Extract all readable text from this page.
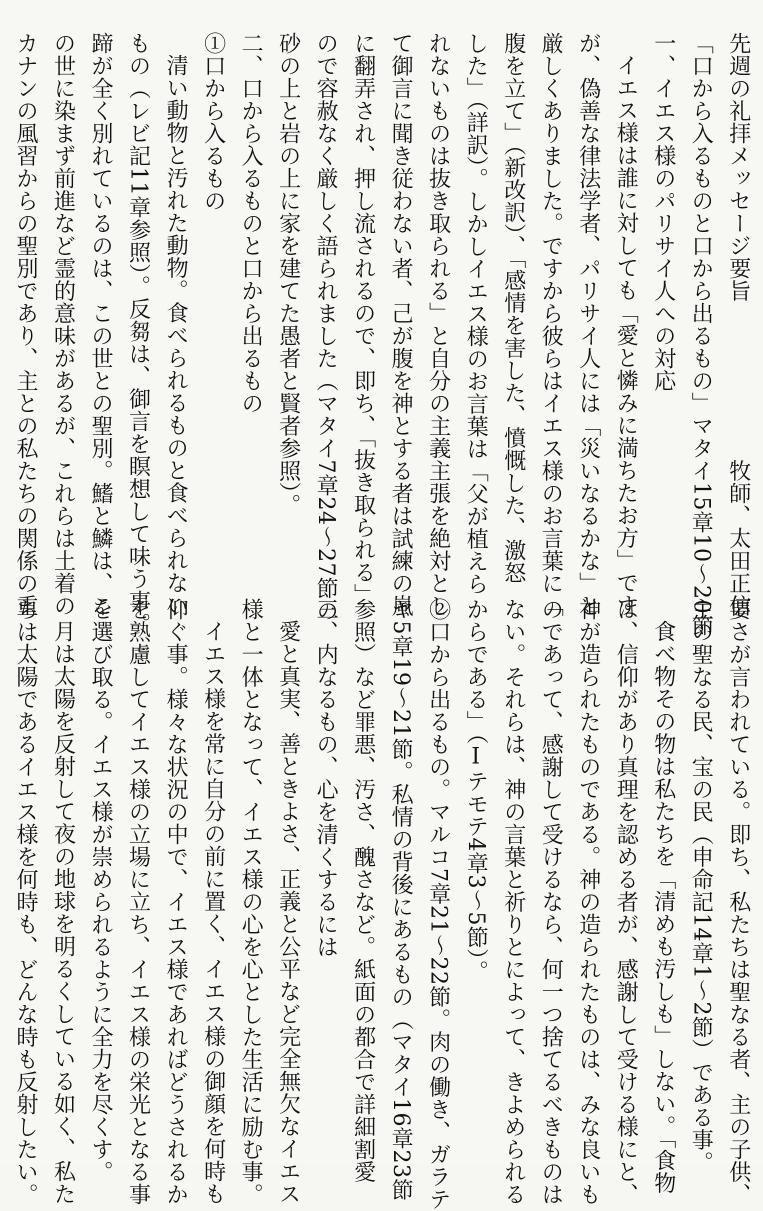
先週の礼拝メッセージ要旨　　　　　　　牧師、太田正信
「口から入るものと口から出るもの」マタイ15章10～20節
一、イエス様のパリサイ人への対応
イエス様は誰に対しても「愛と憐みに満ちたお方」です
が、偽善な律法学者、パリサイ人には「災いなるかな」と
厳しくありました。ですから彼らはイエス様のお言葉に「
腹を立て」（新改訳）、「感情を害した、憤慨した、激怒
した」（詳訳）。しかしイエス様のお言葉は「父が植えら
れないものは抜き取られる」と自分の主義主張を絶対とし
て御言に聞き従わない者、己が腹を神とする者は試練の嵐
に翻弄され、押し流されるので、即ち、「抜き取られる」
ので容赦なく厳しく語られました（マタイ7章24～27節の
砂の上と岩の上に家を建てた愚者と賢者参照）。
二、口から入るものと口から出るもの
①口から入るもの
清い動物と汚れた動物。食べられるものと食べられない
もの（レビ記11章参照）。反芻は、御言を瞑想して味う事。
蹄が全く別れているのは、この世との聖別。鰭と鱗は、こ
の世に染まず前進など霊的意味があるが、これらは土着の
カナンの風習からの聖別であり、主との私たちの関係の重
要さが言われている。即ち、私たちは聖なる者、主の子供、
主の聖なる民、宝の民（申命記14章1～2節）である事。
食べ物その物は私たちを「清めも汚しも」しない。「食物
は、信仰があり真理を認める者が、感謝して受ける様にと、
神が造られたものである。神の造られたものは、みな良いも
のであって、感謝して受けるなら、何一つ捨てるべきものは
ない。それらは、神の言葉と祈りとによって、きよめられる
からである」（Ⅰテモテ4章3～5節）。
②口から出るもの。マルコ7章21～22節。肉の働き、ガラテ
ヤ5章19～21節。私情の背後にあるもの（マタイ16章23節
参照）など罪悪、汚さ、醜さなど。紙面の都合で詳細割愛
三、内なるもの、心を清くするには
愛と真実、善ときよさ、正義と公平など完全無欠なイエス
様と一体となって、イエス様の心を心とした生活に励む事。
イエス様を常に自分の前に置く、イエス様の御顔を何時も
仰ぐ事。様々な状況の中で、イエス様であればどうされるか
を熟慮してイエス様の立場に立ち、イエス様の栄光となる事
を選び取る。イエス様が崇められるように全力を尽くす。
月は太陽を反射して夜の地球を明るくしている如く、私た
ちは太陽であるイエス様を何時も、どんな時も反射したい。
